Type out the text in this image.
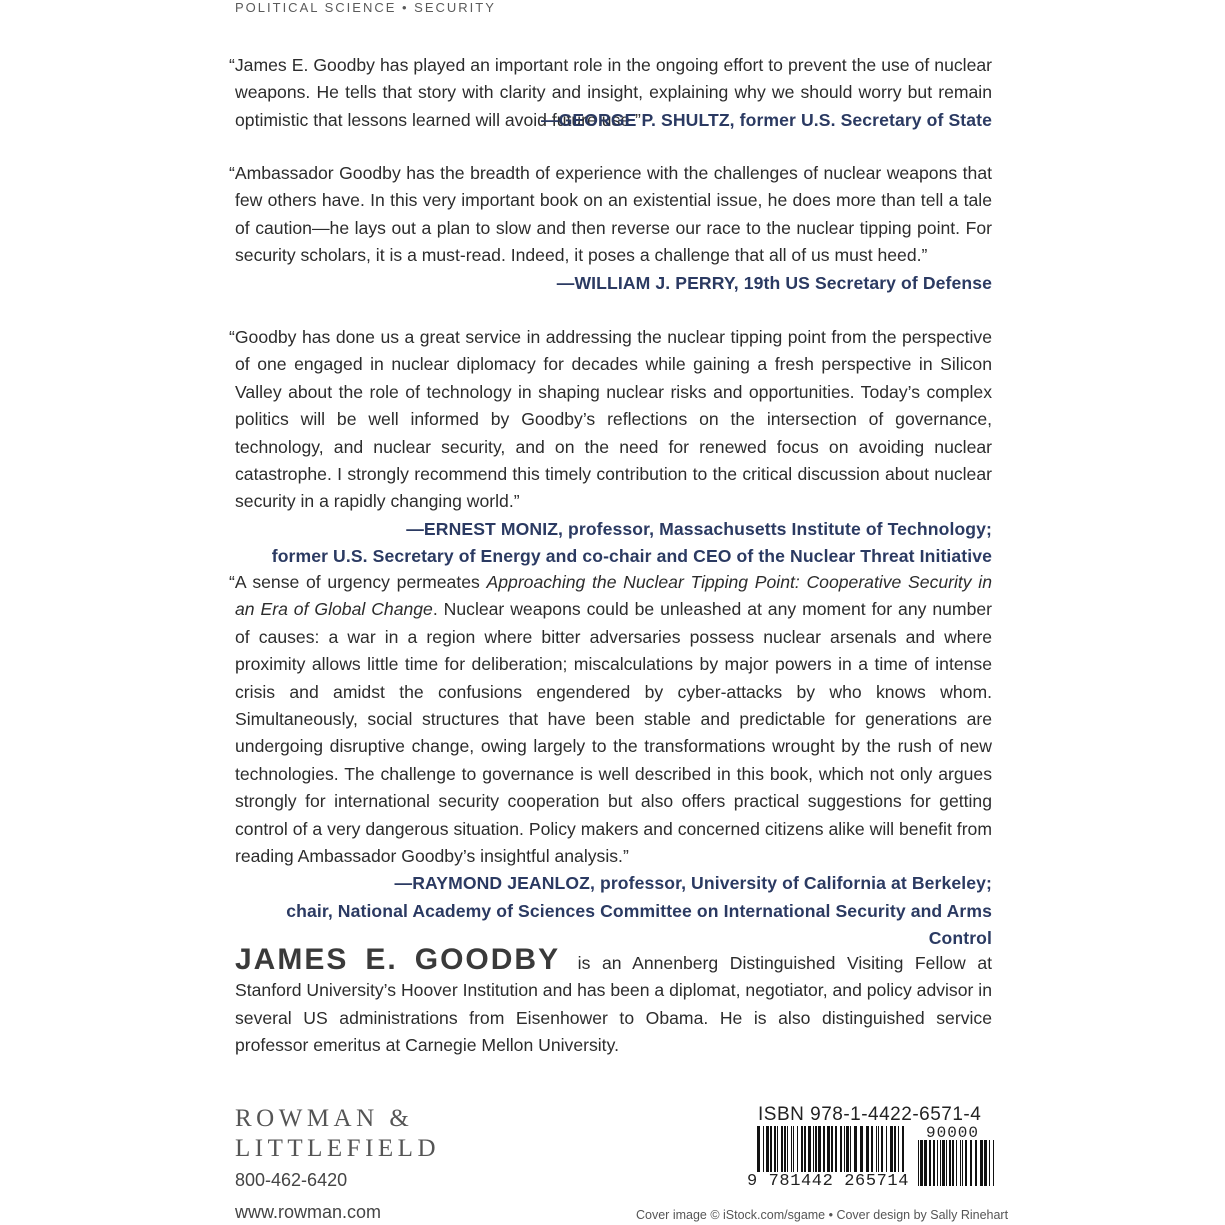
POLITICAL SCIENCE • SECURITY
“James E. Goodby has played an important role in the ongoing effort to prevent the use of nuclear weapons. He tells that story with clarity and insight, explaining why we should worry but remain optimistic that lessons learned will avoid future use.”
—GEORGE P. SHULTZ, former U.S. Secretary of State
“Ambassador Goodby has the breadth of experience with the challenges of nuclear weapons that few others have. In this very important book on an existential issue, he does more than tell a tale of caution—he lays out a plan to slow and then reverse our race to the nuclear tipping point. For security scholars, it is a must-read. Indeed, it poses a challenge that all of us must heed.”
—WILLIAM J. PERRY, 19th US Secretary of Defense
“Goodby has done us a great service in addressing the nuclear tipping point from the perspective of one engaged in nuclear diplomacy for decades while gaining a fresh perspective in Silicon Valley about the role of technology in shaping nuclear risks and opportunities. Today’s complex politics will be well informed by Goodby’s reflections on the intersection of governance, technology, and nuclear security, and on the need for renewed focus on avoiding nuclear catastrophe. I strongly recommend this timely contribution to the critical discussion about nuclear security in a rapidly changing world.”
—ERNEST MONIZ, professor, Massachusetts Institute of Technology;
former U.S. Secretary of Energy and co-chair and CEO of the Nuclear Threat Initiative
“A sense of urgency permeates Approaching the Nuclear Tipping Point: Cooperative Security in an Era of Global Change. Nuclear weapons could be unleashed at any moment for any number of causes: a war in a region where bitter adversaries possess nuclear arsenals and where proximity allows little time for deliberation; miscalculations by major powers in a time of intense crisis and amidst the confusions engendered by cyber-attacks by who knows whom. Simultaneously, social structures that have been stable and predictable for generations are undergoing disruptive change, owing largely to the transformations wrought by the rush of new technologies. The challenge to governance is well described in this book, which not only argues strongly for international security cooperation but also offers practical suggestions for getting control of a very dangerous situation. Policy makers and concerned citizens alike will benefit from reading Ambassador Goodby’s insightful analysis.”
—RAYMOND JEANLOZ, professor, University of California at Berkeley;
chair, National Academy of Sciences Committee on International Security and Arms Control
JAMES E. GOODBY is an Annenberg Distinguished Visiting Fellow at Stanford University’s Hoover Institution and has been a diplomat, negotiator, and policy advisor in several US administrations from Eisenhower to Obama. He is also distinguished service professor emeritus at Carnegie Mellon University.
ROWMAN &
LITTLEFIELD
800-462-6420
www.rowman.com
ISBN 978-1-4422-6571-4
90000
9 781442 265714
Cover image © iStock.com/sgame • Cover design by Sally Rinehart
